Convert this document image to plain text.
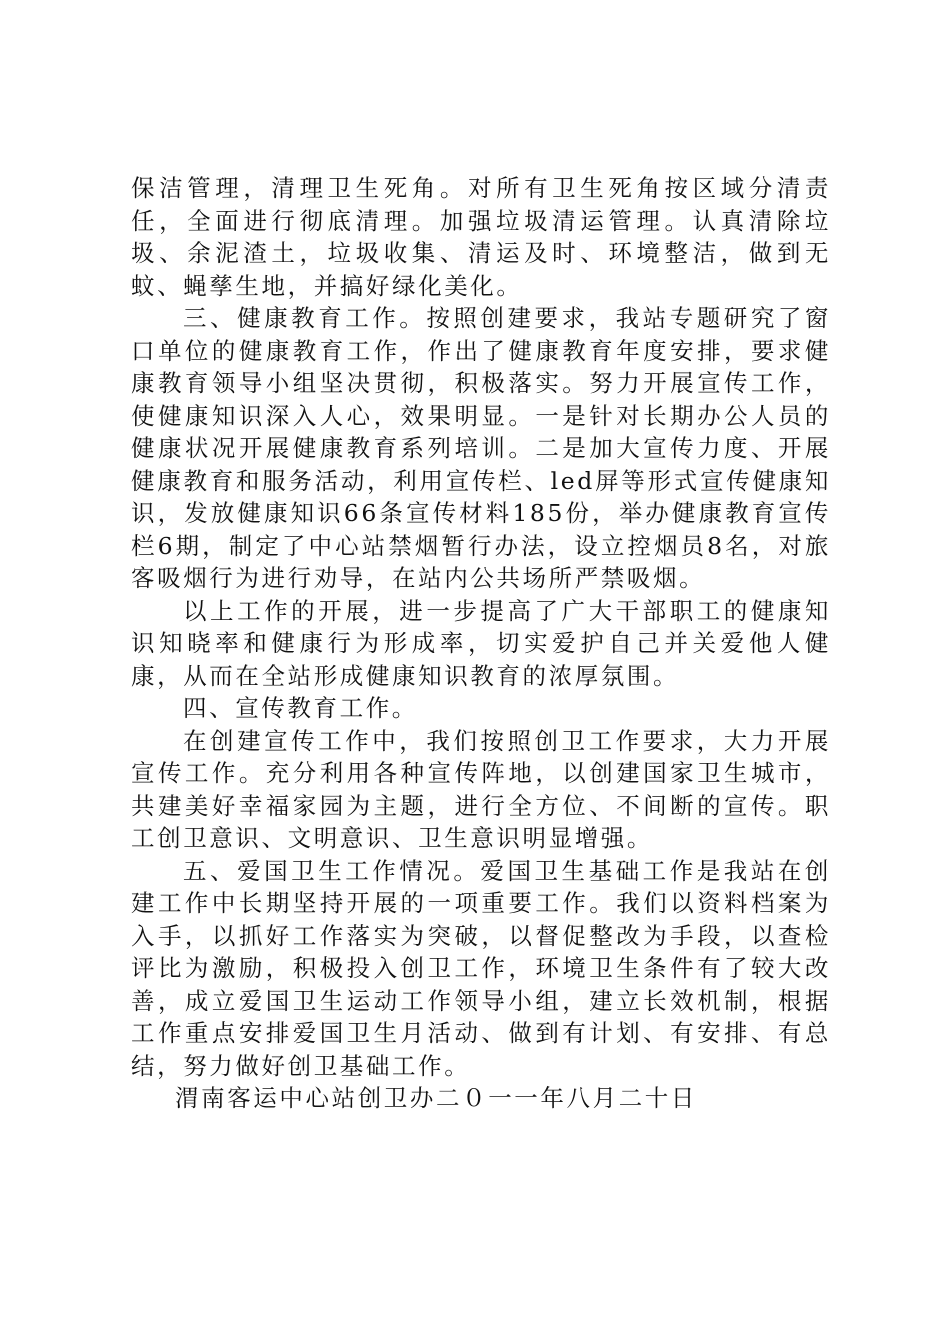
保洁管理，清理卫生死角。对所有卫生死角按区域分清责任，全面进行彻底清理。加强垃圾清运管理。认真清除垃圾、余泥渣土，垃圾收集、清运及时、环境整洁，做到无蚊、蝇孳生地，并搞好绿化美化。

三、健康教育工作。按照创建要求，我站专题研究了窗口单位的健康教育工作，作出了健康教育年度安排，要求健康教育领导小组坚决贯彻，积极落实。努力开展宣传工作，使健康知识深入人心，效果明显。一是针对长期办公人员的健康状况开展健康教育系列培训。二是加大宣传力度、开展健康教育和服务活动，利用宣传栏、led屏等形式宣传健康知识，发放健康知识66条宣传材料185份，举办健康教育宣传栏6期，制定了中心站禁烟暂行办法，设立控烟员8名，对旅客吸烟行为进行劝导，在站内公共场所严禁吸烟。

以上工作的开展，进一步提高了广大干部职工的健康知识知晓率和健康行为形成率，切实爱护自己并关爱他人健康，从而在全站形成健康知识教育的浓厚氛围。

四、宣传教育工作。

在创建宣传工作中，我们按照创卫工作要求，大力开展宣传工作。充分利用各种宣传阵地，以创建国家卫生城市，共建美好幸福家园为主题，进行全方位、不间断的宣传。职工创卫意识、文明意识、卫生意识明显增强。

五、爱国卫生工作情况。爱国卫生基础工作是我站在创建工作中长期坚持开展的一项重要工作。我们以资料档案为入手，以抓好工作落实为突破，以督促整改为手段，以查检评比为激励，积极投入创卫工作，环境卫生条件有了较大改善，成立爱国卫生运动工作领导小组，建立长效机制，根据工作重点安排爱国卫生月活动、做到有计划、有安排、有总结，努力做好创卫基础工作。

渭南客运中心站创卫办二０一一年八月二十日
